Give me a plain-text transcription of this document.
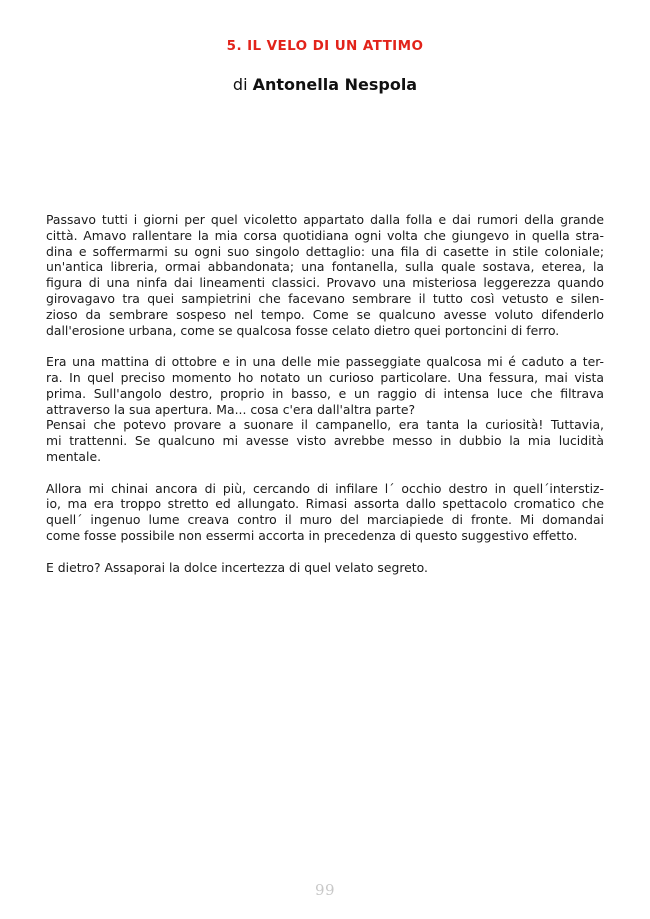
5. IL VELO DI UN ATTIMO
di Antonella Nespola
Passavo tutti i giorni per quel vicoletto appartato dalla folla e dai rumori della grande
città. Amavo rallentare la mia corsa quotidiana ogni volta che giungevo in quella stra-
dina e soffermarmi su ogni suo singolo dettaglio: una fila di casette in stile coloniale;
un'antica libreria, ormai abbandonata; una fontanella, sulla quale sostava, eterea, la
figura di una ninfa dai lineamenti classici. Provavo una misteriosa leggerezza quando
girovagavo tra quei sampietrini che facevano sembrare il tutto così vetusto e silen-
zioso da sembrare sospeso nel tempo. Come se qualcuno avesse voluto difenderlo
dall'erosione urbana, come se qualcosa fosse celato dietro quei portoncini di ferro.
Era una mattina di ottobre e in una delle mie passeggiate qualcosa mi é caduto a ter-
ra. In quel preciso momento ho notato un curioso particolare. Una fessura, mai vista
prima. Sull'angolo destro, proprio in basso, e un raggio di intensa luce che filtrava
attraverso la sua apertura. Ma... cosa c'era dall'altra parte?
Pensai che potevo provare a suonare il campanello, era tanta la curiosità! Tuttavia,
mi trattenni. Se qualcuno mi avesse visto avrebbe messo in dubbio la mia lucidità
mentale.
Allora mi chinai ancora di più, cercando di infilare l´ occhio destro in quell´interstiz-
io, ma era troppo stretto ed allungato. Rimasi assorta dallo spettacolo cromatico che
quell´ ingenuo lume creava contro il muro del marciapiede di fronte. Mi domandai
come fosse possibile non essermi accorta in precedenza di questo suggestivo effetto.
E dietro? Assaporai la dolce incertezza di quel velato segreto.
99
